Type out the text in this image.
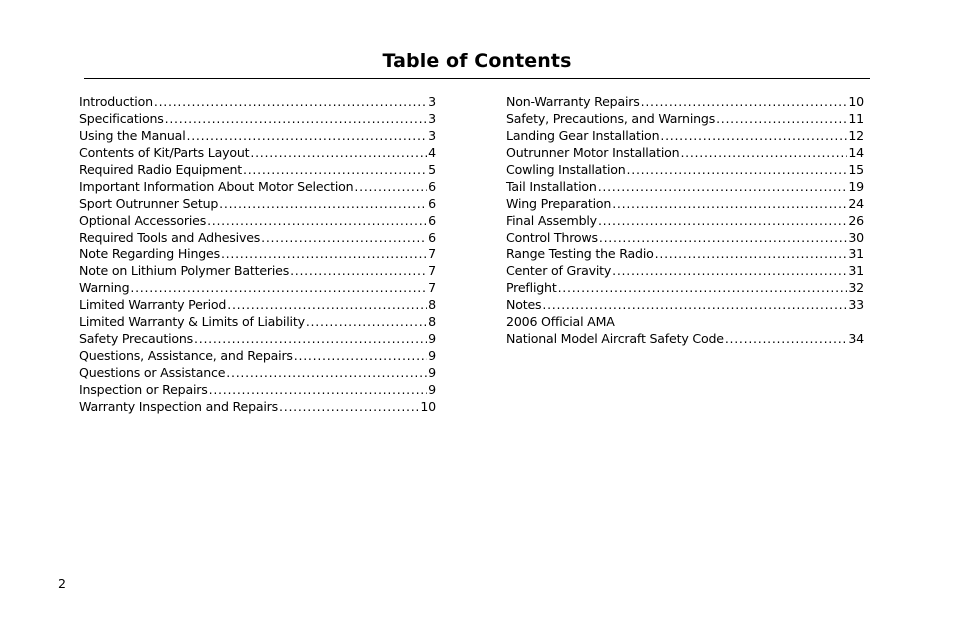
Table of Contents
Introduction .....	3
Specifications .....	3
Using the Manual .....	3
Contents of Kit/Parts Layout .....	4
Required Radio Equipment .....	5
Important Information About Motor Selection .....	6
Sport Outrunner Setup .....	6
Optional Accessories .....	6
Required Tools and Adhesives .....	6
Note Regarding Hinges .....	7
Note on Lithium Polymer Batteries .....	7
Warning .....	7
Limited Warranty Period .....	8
Limited Warranty & Limits of Liability .....	8
Safety Precautions .....	9
Questions, Assistance, and Repairs .....	9
Questions or Assistance .....	9
Inspection or Repairs .....	9
Warranty Inspection and Repairs .....	10
Non-Warranty Repairs .....	10
Safety, Precautions, and Warnings .....	11
Landing Gear Installation .....	12
Outrunner Motor Installation .....	14
Cowling Installation .....	15
Tail Installation .....	19
Wing Preparation .....	24
Final Assembly .....	26
Control Throws .....	30
Range Testing the Radio .....	31
Center of Gravity .....	31
Preflight .....	32
Notes .....	33
2006 Official AMA
National Model Aircraft Safety Code .....	34
2
